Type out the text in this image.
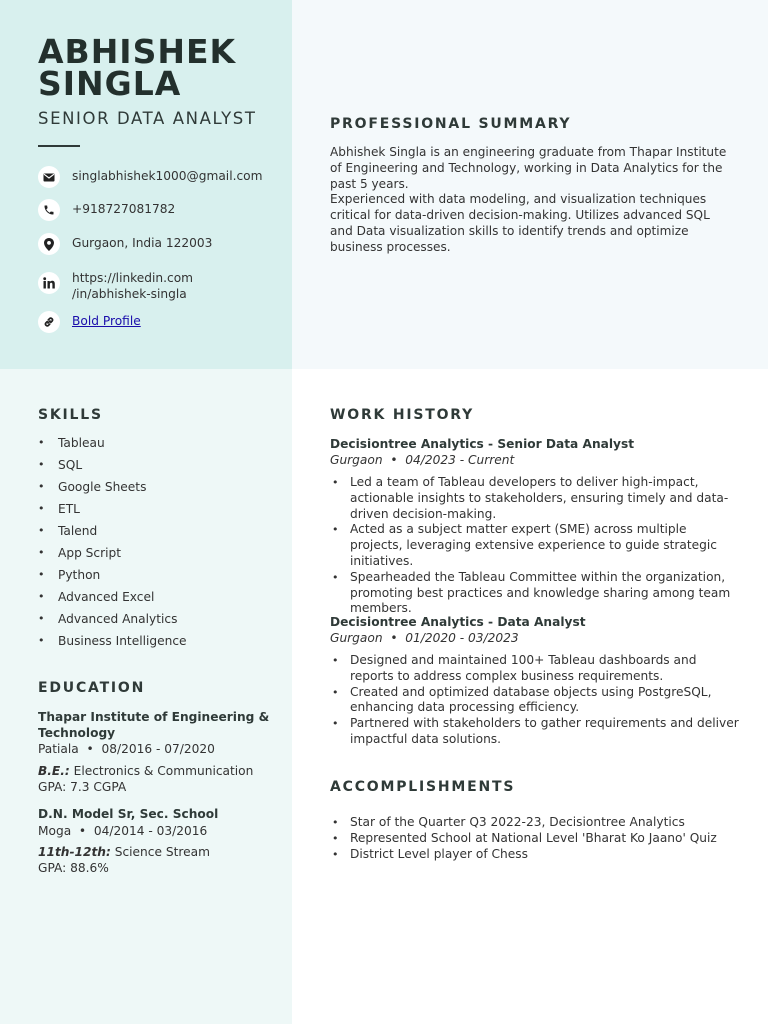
ABHISHEK
SINGLA
SENIOR DATA ANALYST
singlabhishek1000@gmail.com
+918727081782
Gurgaon, India 122003
https://linkedin.com
/in/abhishek-singla
Bold Profile
PROFESSIONAL SUMMARY

Abhishek Singla is an engineering graduate from Thapar Institute of Engineering and Technology, working in Data Analytics for the past 5 years.

Experienced with data modeling, and visualization techniques critical for data-driven decision-making. Utilizes advanced SQL and Data visualization skills to identify trends and optimize business processes.

SKILLS
• Tableau
• SQL
• Google Sheets
• ETL
• Talend
• App Script
• Python
• Advanced Excel
• Advanced Analytics
• Business Intelligence
EDUCATION
Thapar Institute of Engineering & Technology
Patiala  •  08/2016 - 07/2020
B.E.: Electronics & Communication
GPA: 7.3 CGPA
D.N. Model Sr, Sec. School
Moga  •  04/2014 - 03/2016
11th-12th: Science Stream
GPA: 88.6%
WORK HISTORY
Decisiontree Analytics - Senior Data Analyst
Gurgaon  •  04/2023 - Current
• Led a team of Tableau developers to deliver high-impact, actionable insights to stakeholders, ensuring timely and data-driven decision-making.
• Acted as a subject matter expert (SME) across multiple projects, leveraging extensive experience to guide strategic initiatives.
• Spearheaded the Tableau Committee within the organization, promoting best practices and knowledge sharing among team members.
Decisiontree Analytics - Data Analyst
Gurgaon  •  01/2020 - 03/2023
• Designed and maintained 100+ Tableau dashboards and reports to address complex business requirements.
• Created and optimized database objects using PostgreSQL, enhancing data processing efficiency.
• Partnered with stakeholders to gather requirements and deliver impactful data solutions.
ACCOMPLISHMENTS
• Star of the Quarter Q3 2022-23, Decisiontree Analytics
• Represented School at National Level 'Bharat Ko Jaano' Quiz
• District Level player of Chess
